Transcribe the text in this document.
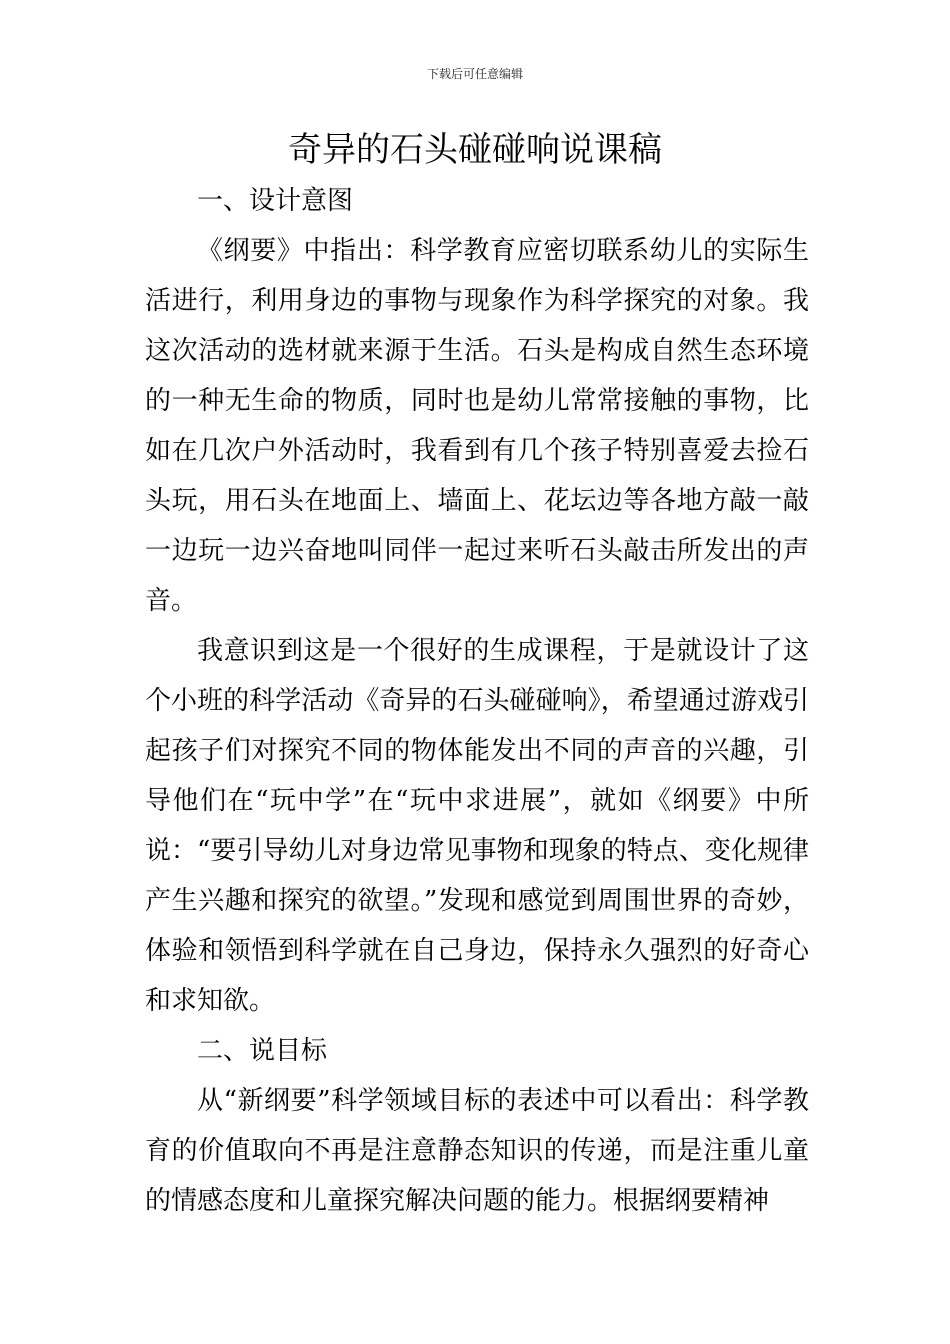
下载后可任意编辑
奇异的石头碰碰响说课稿

一、设计意图

《纲要》中指出：科学教育应密切联系幼儿的实际生活进行，利用身边的事物与现象作为科学探究的对象。我这次活动的选材就来源于生活。石头是构成自然生态环境的一种无生命的物质，同时也是幼儿常常接触的事物，比如在几次户外活动时，我看到有几个孩子特别喜爱去捡石头玩，用石头在地面上、墙面上、花坛边等各地方敲一敲一边玩一边兴奋地叫同伴一起过来听石头敲击所发出的声音。

我意识到这是一个很好的生成课程，于是就设计了这个小班的科学活动《奇异的石头碰碰响》，希望通过游戏引起孩子们对探究不同的物体能发出不同的声音的兴趣，引导他们在“玩中学”在“玩中求进展”，就如《纲要》中所说：“要引导幼儿对身边常见事物和现象的特点、变化规律产生兴趣和探究的欲望。”发现和感觉到周围世界的奇妙，体验和领悟到科学就在自己身边，保持永久强烈的好奇心和求知欲。

二、说目标

从“新纲要”科学领域目标的表述中可以看出：科学教育的价值取向不再是注意静态知识的传递，而是注重儿童的情感态度和儿童探究解决问题的能力。根据纲要精神
